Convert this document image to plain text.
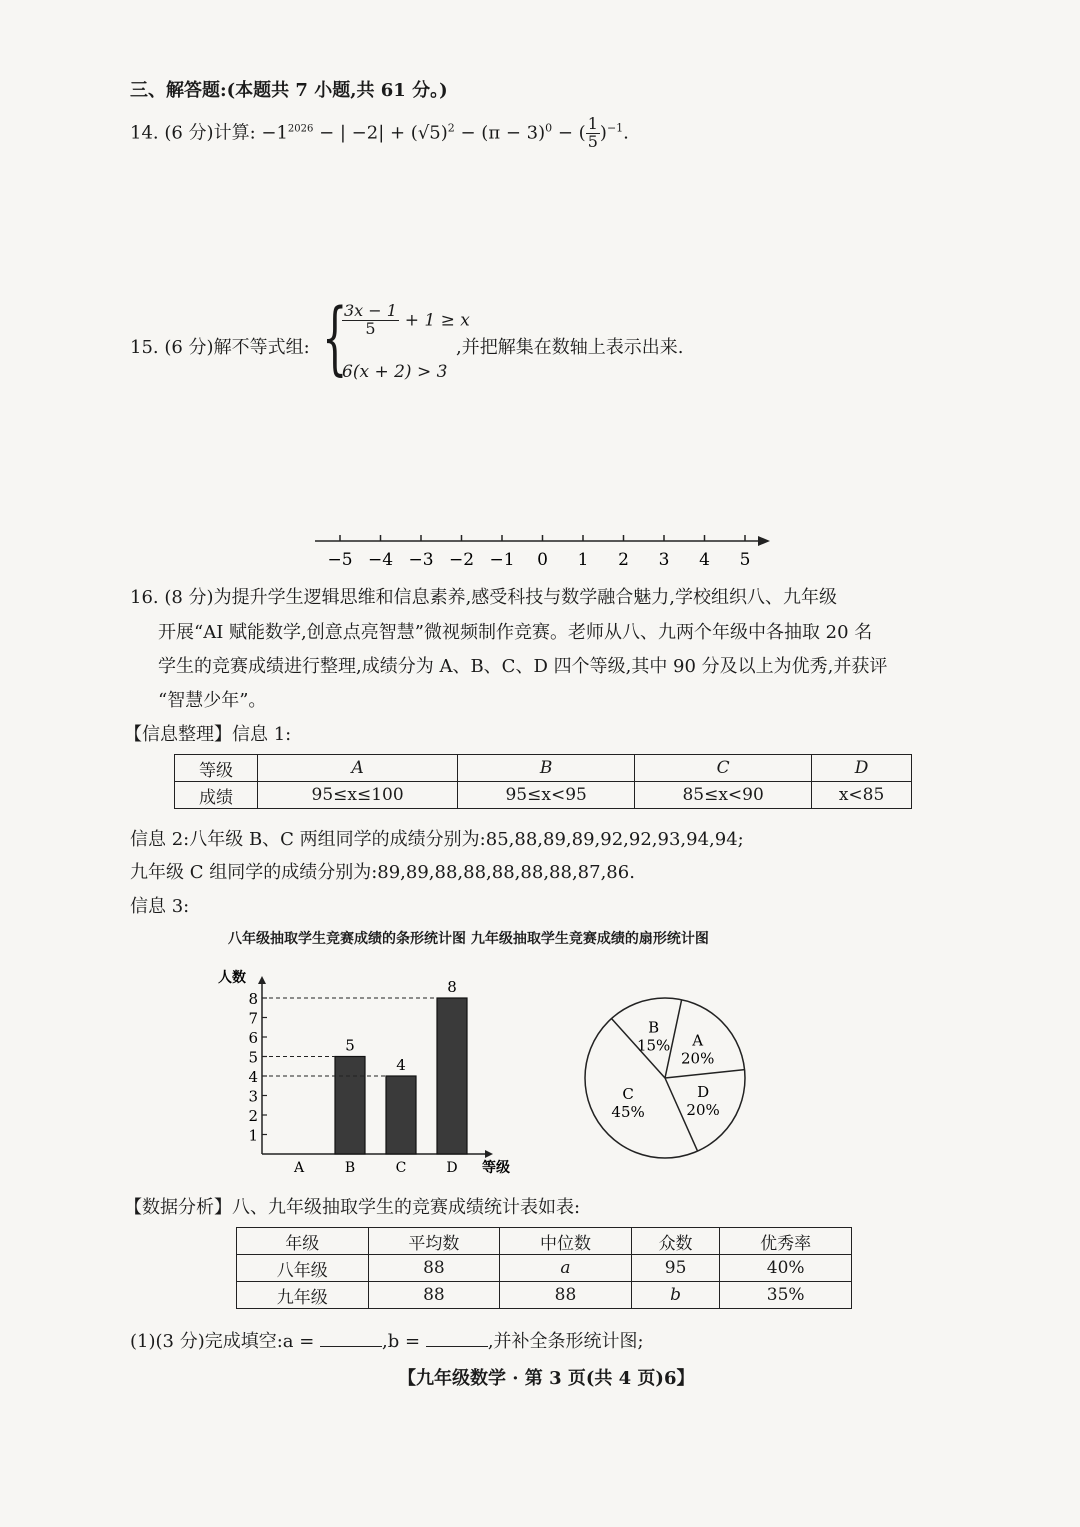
三、解答题:(本题共 7 小题,共 61 分。)
14. (6 分)计算: $-1^{2026}$ − | $-2| + (√5)^2 - (\pi - 3)^0$ − ( $\frac{1}{5} )^{-1}$.
15. (6 分)解不等式组: {
$\frac{3x - 1}{5} + 1 \ge x$
6(x + 2) > 3
,并把解集在数轴上表示出来.
−5 −4 −3 −2 −1 0 1 2 3 4 5
16. (8 分)为提升学生逻辑思维和信息素养,感受科技与数学融合魅力,学校组织八、九年级
开展“AI 赋能数学,创意点亮智慧”微视频制作竞赛。老师从八、九两个年级中各抽取 20 名
学生的竞赛成绩进行整理,成绩分为 A、B、C、D 四个等级,其中 90 分及以上为优秀,并获评
“智慧少年”。
【信息整理】信息 1:
等级	A	B	C	D
成绩	95≤x≤100	95≤x<95	85≤x<90	x<85
信息 2:八年级 B、C 两组同学的成绩分别为:85,88,89,89,92,92,93,94,94;
九年级 C 组同学的成绩分别为:89,89,88,88,88,88,88,87,86.
信息 3:
八年级抽取学生竞赛成绩的条形统计图 九年级抽取学生竞赛成绩的扇形统计图
人数
等级
1
2
3
4
5
6
7
8
A	B
5
C
4
D
8
A
20%
D
20%
C
45%
B
15%
【数据分析】八、九年级抽取学生的竞赛成绩统计表如表:
年级	平均数	中位数	众数	优秀率
八年级	88	a	95	40%
九年级	88	88	b	35%
(1)(3 分)完成填空:a =	,b =	,并补全条形统计图;
【九年级数学 · 第 3 页(共 4 页)6】
